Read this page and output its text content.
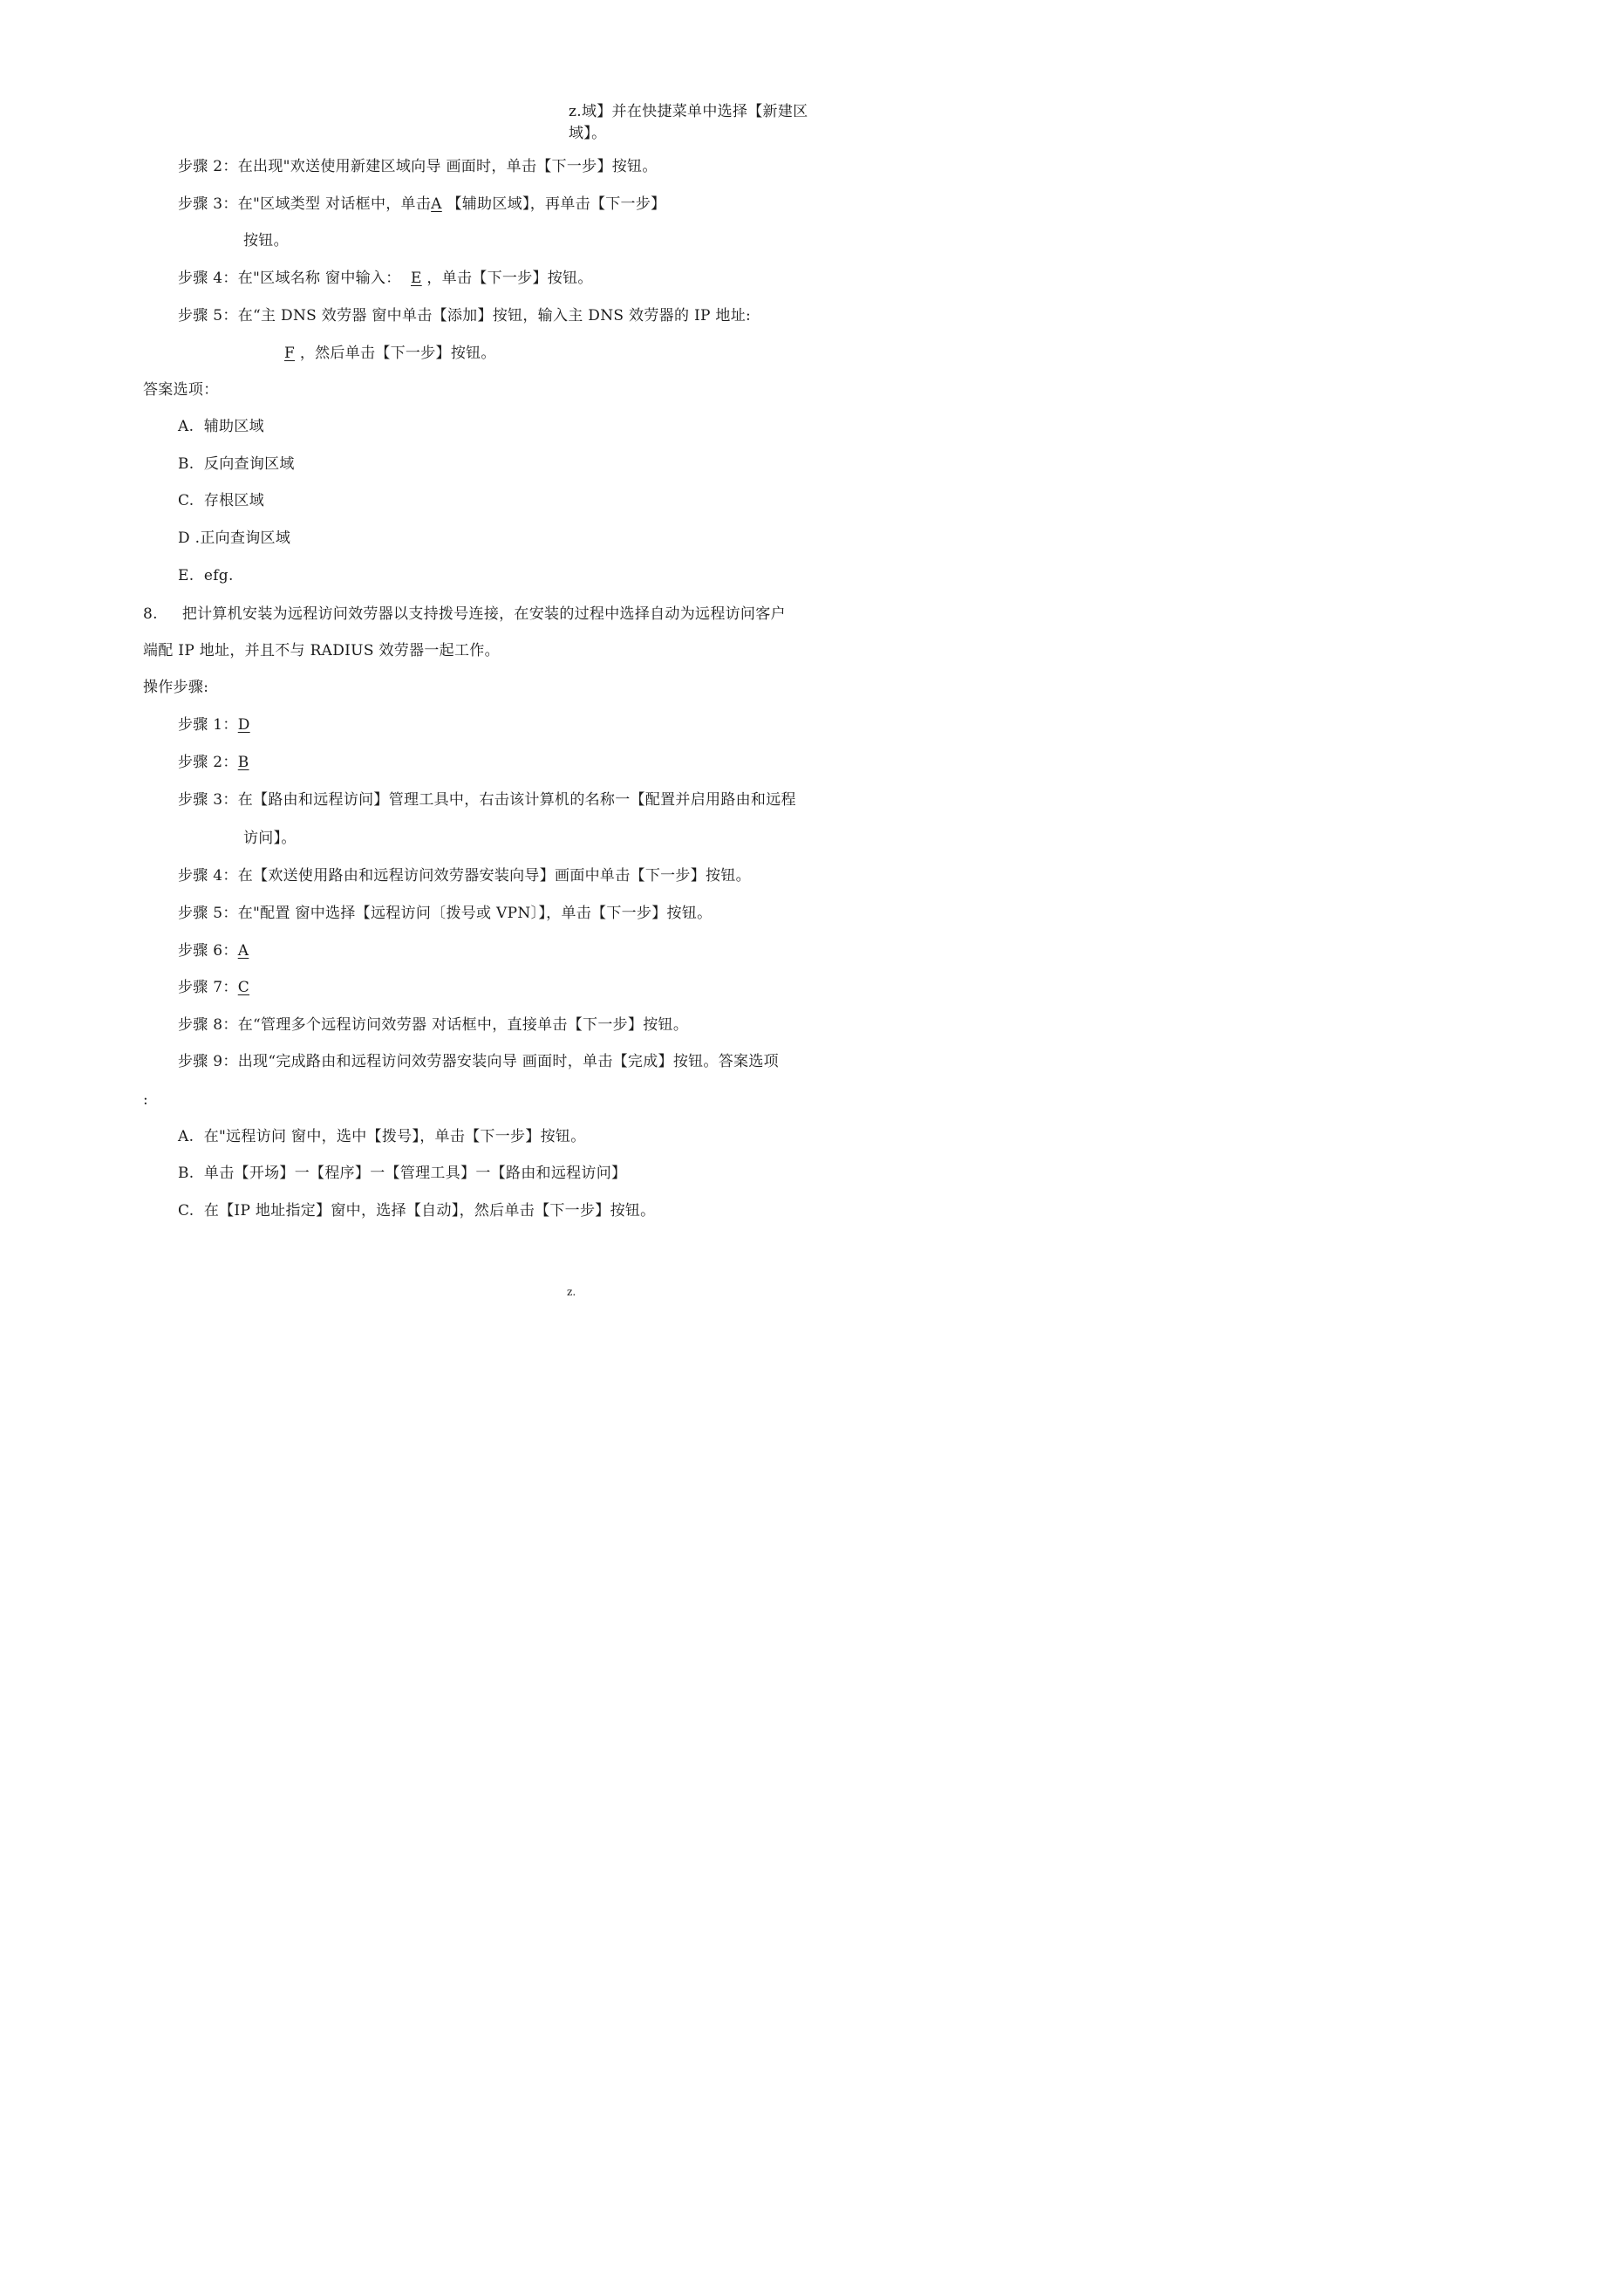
z.域】并在快捷菜单中选择【新建区
域】。
步骤 2：在出现"欢送使用新建区域向导 画面时，单击【下一步】按钮。
步骤 3：在"区域类型 对话框中，单击A 【辅助区域】，再单击【下一步】
按钮。
步骤 4：在"区域名称 窗中输入： E ，单击【下一步】按钮。
步骤 5：在“主 DNS 效劳器 窗中单击【添加】按钮，输入主 DNS 效劳器的 IP 地址:
F ，然后单击【下一步】按钮。
答案选项：
A. 辅助区域
B. 反向查询区域
C. 存根区域
D .正向查询区域
E. efg.
8. 把计算机安装为远程访问效劳器以支持拨号连接，在安装的过程中选择自动为远程访问客户
端配 IP 地址，并且不与 RADIUS 效劳器一起工作。
操作步骤:
步骤 1：D
步骤 2：B
步骤 3：在【路由和远程访问】管理工具中，右击该计算机的名称一【配置并启用路由和远程
访问】。
步骤 4：在【欢送使用路由和远程访问效劳器安装向导】画面中单击【下一步】按钮。
步骤 5：在"配置 窗中选择【远程访问〔拨号或 VPN〕】，单击【下一步】按钮。
步骤 6：A
步骤 7：C
步骤 8：在“管理多个远程访问效劳器 对话框中，直接单击【下一步】按钮。
步骤 9：出现“完成路由和远程访问效劳器安装向导 画面时，单击【完成】按钮。答案选项
:
A. 在"远程访问 窗中，选中【拨号】，单击【下一步】按钮。
B. 单击【开场】一【程序】一【管理工具】一【路由和远程访问】
C. 在【IP 地址指定】窗中，选择【自动】，然后单击【下一步】按钮。
z.
